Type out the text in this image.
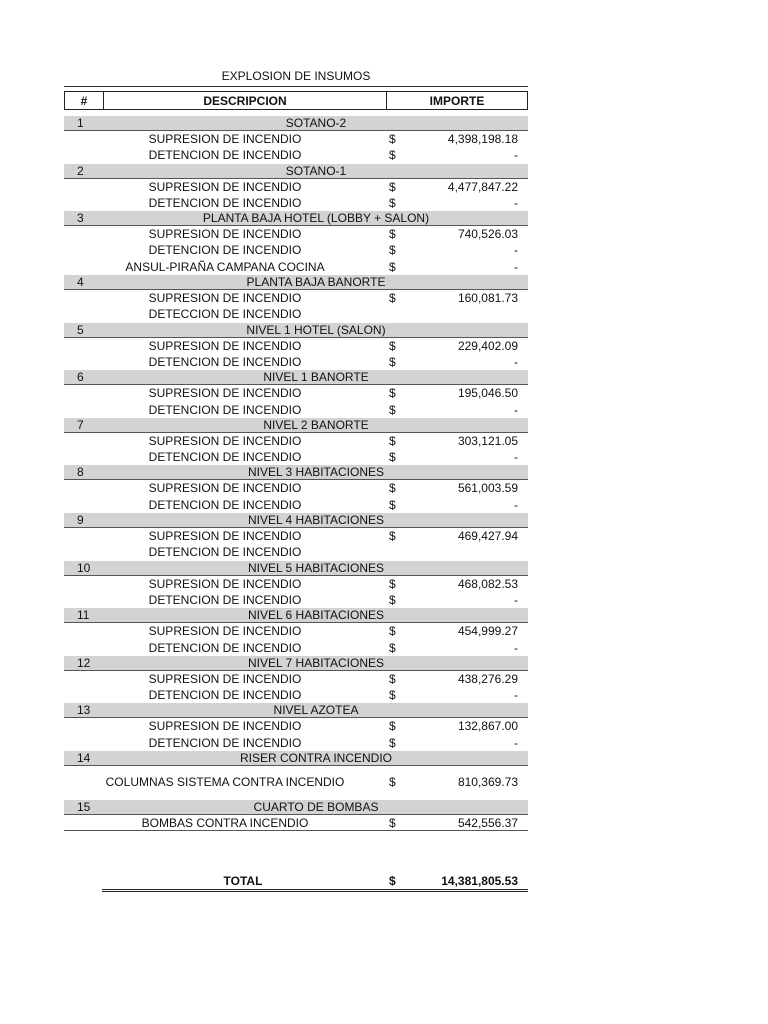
EXPLOSION DE INSUMOS
#	DESCRIPCION	IMPORTE
1	SOTANO-2
SUPRESION DE INCENDIO	$	4,398,198.18
DETENCION DE INCENDIO	$	-
2	SOTANO-1
SUPRESION DE INCENDIO	$	4,477,847.22
DETENCION DE INCENDIO	$	-
3	PLANTA BAJA HOTEL (LOBBY + SALON)
SUPRESION DE INCENDIO	$	740,526.03
DETENCION DE INCENDIO	$	-
ANSUL-PIRAÑA CAMPANA COCINA	$	-
4	PLANTA BAJA BANORTE
SUPRESION DE INCENDIO	$	160,081.73
DETECCION DE INCENDIO
5	NIVEL 1 HOTEL (SALON)
SUPRESION DE INCENDIO	$	229,402.09
DETENCION DE INCENDIO	$	-
6	NIVEL 1 BANORTE
SUPRESION DE INCENDIO	$	195,046.50
DETENCION DE INCENDIO	$	-
7	NIVEL 2 BANORTE
SUPRESION DE INCENDIO	$	303,121.05
DETENCION DE INCENDIO	$	-
8	NIVEL 3 HABITACIONES
SUPRESION DE INCENDIO	$	561,003.59
DETENCION DE INCENDIO	$	-
9	NIVEL 4 HABITACIONES
SUPRESION DE INCENDIO	$	469,427.94
DETENCION DE INCENDIO
10	NIVEL 5 HABITACIONES
SUPRESION DE INCENDIO	$	468,082.53
DETENCION DE INCENDIO	$	-
11	NIVEL 6 HABITACIONES
SUPRESION DE INCENDIO	$	454,999.27
DETENCION DE INCENDIO	$	-
12	NIVEL 7 HABITACIONES
SUPRESION DE INCENDIO	$	438,276.29
DETENCION DE INCENDIO	$	-
13	NIVEL AZOTEA
SUPRESION DE INCENDIO	$	132,867.00
DETENCION DE INCENDIO	$	-
14	RISER CONTRA INCENDIO
COLUMNAS SISTEMA CONTRA INCENDIO	$	810,369.73
15	CUARTO DE BOMBAS
BOMBAS CONTRA INCENDIO	$	542,556.37
TOTAL	$	14,381,805.53
